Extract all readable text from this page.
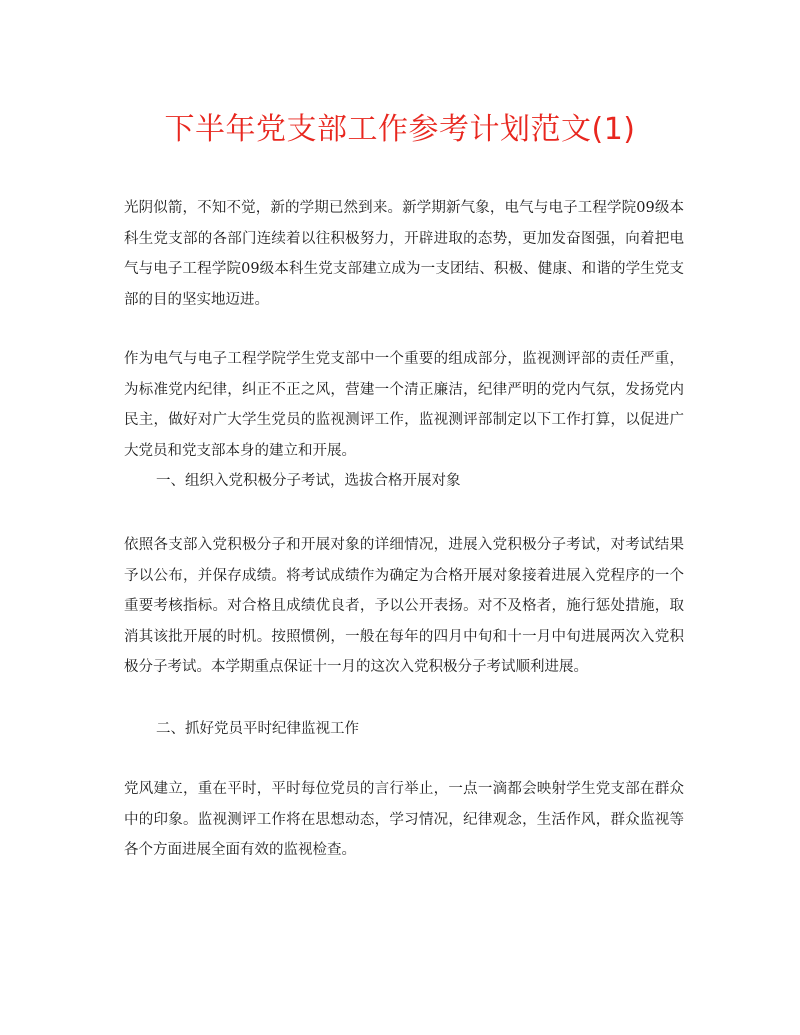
下半年党支部工作参考计划范文(1)

光阴似箭，不知不觉，新的学期已然到来。新学期新气象，电气与电子工程学院09级本科生党支部的各部门连续着以往积极努力，开辟进取的态势，更加发奋图强，向着把电气与电子工程学院09级本科生党支部建立成为一支团结、积极、健康、和谐的学生党支部的目的坚实地迈进。

作为电气与电子工程学院学生党支部中一个重要的组成部分，监视测评部的责任严重，为标准党内纪律，纠正不正之风，营建一个清正廉洁，纪律严明的党内气氛，发扬党内民主，做好对广大学生党员的监视测评工作，监视测评部制定以下工作打算，以促进广大党员和党支部本身的建立和开展。

一、组织入党积极分子考试，选拔合格开展对象

依照各支部入党积极分子和开展对象的详细情况，进展入党积极分子考试，对考试结果予以公布，并保存成绩。将考试成绩作为确定为合格开展对象接着进展入党程序的一个重要考核指标。对合格且成绩优良者，予以公开表扬。对不及格者，施行惩处措施，取消其该批开展的时机。按照惯例，一般在每年的四月中旬和十一月中旬进展两次入党积极分子考试。本学期重点保证十一月的这次入党积极分子考试顺利进展。

二、抓好党员平时纪律监视工作

党风建立，重在平时，平时每位党员的言行举止，一点一滴都会映射学生党支部在群众中的印象。监视测评工作将在思想动态，学习情况，纪律观念，生活作风，群众监视等各个方面进展全面有效的监视检查。
